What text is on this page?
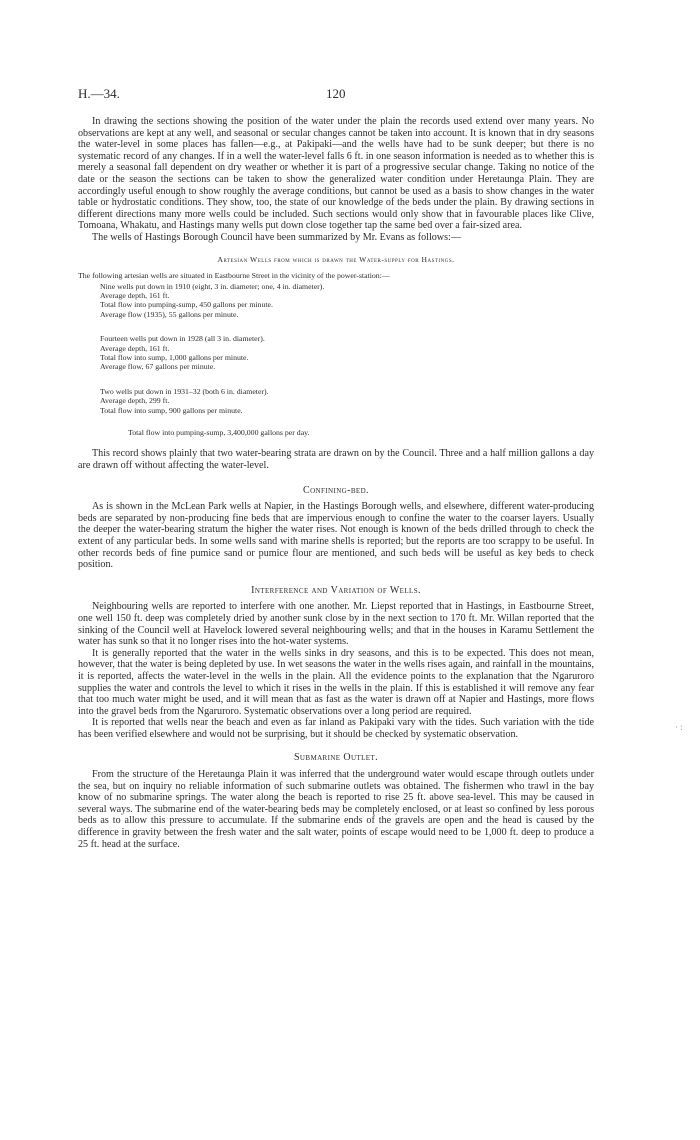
H.—34.	120

In drawing the sections showing the position of the water under the plain the records used extend over many years. No observations are kept at any well, and seasonal or secular changes cannot be taken into account. It is known that in dry seasons the water-level in some places has fallen—e.g., at Pakipaki—and the wells have had to be sunk deeper; but there is no systematic record of any changes. If in a well the water-level falls 6 ft. in one season information is needed as to whether this is merely a seasonal fall dependent on dry weather or whether it is part of a progressive secular change. Taking no notice of the date or the season the sections can be taken to show the generalized water condition under Heretaunga Plain. They are accordingly useful enough to show roughly the average conditions, but cannot be used as a basis to show changes in the water table or hydrostatic conditions. They show, too, the state of our knowledge of the beds under the plain. By drawing sections in different directions many more wells could be included. Such sections would only show that in favourable places like Clive, Tomoana, Whakatu, and Hastings many wells put down close together tap the same bed over a fair-sized area.

The wells of Hastings Borough Council have been summarized by Mr. Evans as follows:—

Artesian Wells from which is drawn the Water-supply for Hastings.
The following artesian wells are situated in Eastbourne Street in the vicinity of the power-station:—
Nine wells put down in 1910 (eight, 3 in. diameter; one, 4 in. diameter).
Average depth, 161 ft.
Total flow into pumping-sump, 450 gallons per minute.
Average flow (1935), 55 gallons per minute.
Fourteen wells put down in 1928 (all 3 in. diameter).
Average depth, 161 ft.
Total flow into sump, 1,000 gallons per minute.
Average flow, 67 gallons per minute.
Two wells put down in 1931–32 (both 6 in. diameter).
Average depth, 299 ft.
Total flow into sump, 900 gallons per minute.
Total flow into pumping-sump, 3,400,000 gallons per day.

This record shows plainly that two water-bearing strata are drawn on by the Council. Three and a half million gallons a day are drawn off without affecting the water-level.

Confining-bed.

As is shown in the McLean Park wells at Napier, in the Hastings Borough wells, and elsewhere, different water-producing beds are separated by non-producing fine beds that are impervious enough to confine the water to the coarser layers. Usually the deeper the water-bearing stratum the higher the water rises. Not enough is known of the beds drilled through to check the extent of any particular beds. In some wells sand with marine shells is reported; but the reports are too scrappy to be useful. In other records beds of fine pumice sand or pumice flour are mentioned, and such beds will be useful as key beds to check position.

Interference and Variation of Wells.

Neighbouring wells are reported to interfere with one another. Mr. Liepst reported that in Hastings, in Eastbourne Street, one well 150 ft. deep was completely dried by another sunk close by in the next section to 170 ft. Mr. Willan reported that the sinking of the Council well at Havelock lowered several neighbouring wells; and that in the houses in Karamu Settlement the water has sunk so that it no longer rises into the hot-water systems.

It is generally reported that the water in the wells sinks in dry seasons, and this is to be expected. This does not mean, however, that the water is being depleted by use. In wet seasons the water in the wells rises again, and rainfall in the mountains, it is reported, affects the water-level in the wells in the plain. All the evidence points to the explanation that the Ngaruroro supplies the water and controls the level to which it rises in the wells in the plain. If this is established it will remove any fear that too much water might be used, and it will mean that as fast as the water is drawn off at Napier and Hastings, more flows into the gravel beds from the Ngaruroro. Systematic observations over a long period are required.

It is reported that wells near the beach and even as far inland as Pakipaki vary with the tides. Such variation with the tide has been verified elsewhere and would not be surprising, but it should be checked by systematic observation.

Submarine Outlet.

From the structure of the Heretaunga Plain it was inferred that the underground water would escape through outlets under the sea, but on inquiry no reliable information of such submarine outlets was obtained. The fishermen who trawl in the bay know of no submarine springs. The water along the beach is reported to rise 25 ft. above sea-level. This may be caused in several ways. The submarine end of the water-bearing beds may be completely enclosed, or at least so confined by less porous beds as to allow this pressure to accumulate. If the submarine ends of the gravels are open and the head is caused by the difference in gravity between the fresh water and the salt water, points of escape would need to be 1,000 ft. deep to produce a 25 ft. head at the surface.

· :
